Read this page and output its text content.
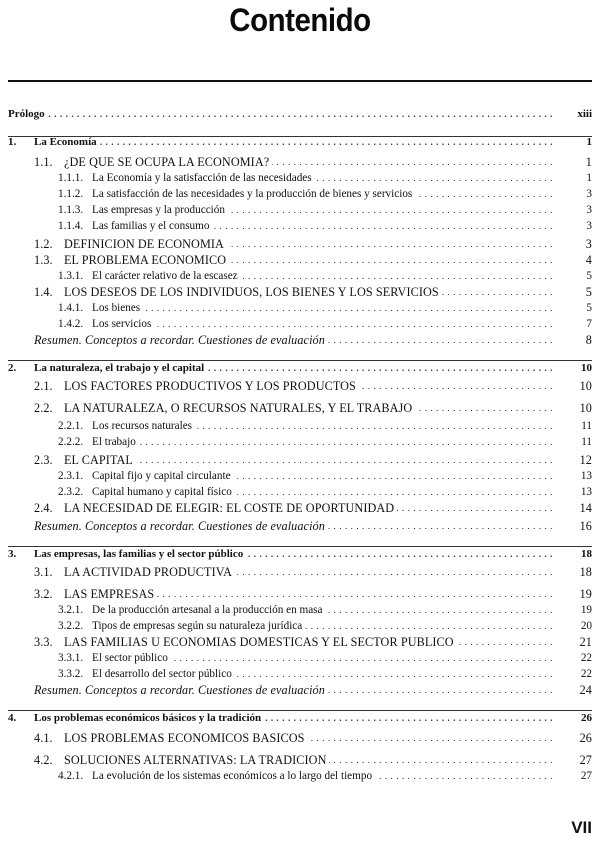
Contenido
Prólogo . . .	xiii
1.	La Economía . . .	1
1.1. ¿DE QUE SE OCUPA LA ECONOMIA? . . .	1
1.1.1. La Economía y la satisfacción de las necesidades . . .	1
1.1.2. La satisfacción de las necesidades y la producción de bienes y servicios . . .	3
1.1.3. Las empresas y la producción . . .	3
1.1.4. Las familias y el consumo . . .	3
1.2. DEFINICION DE ECONOMIA . . .	3
1.3. EL PROBLEMA ECONOMICO . . .	4
1.3.1. El carácter relativo de la escasez . . .	5
1.4. LOS DESEOS DE LOS INDIVIDUOS, LOS BIENES Y LOS SERVICIOS . . .	5
1.4.1. Los bienes . . .	5
1.4.2. Los servicios . . .	7
Resumen. Conceptos a recordar. Cuestiones de evaluación . . .	8
2.	La naturaleza, el trabajo y el capital . . .	10
2.1. LOS FACTORES PRODUCTIVOS Y LOS PRODUCTOS . . .	10
2.2. LA NATURALEZA, O RECURSOS NATURALES, Y EL TRABAJO . . .	10
2.2.1. Los recursos naturales . . .	11
2.2.2. El trabajo . . .	11
2.3. EL CAPITAL . . .	12
2.3.1. Capital fijo y capital circulante . . .	13
2.3.2. Capital humano y capital físico . . .	13
2.4. LA NECESIDAD DE ELEGIR: EL COSTE DE OPORTUNIDAD . . .	14
Resumen. Conceptos a recordar. Cuestiones de evaluación . . .	16
3.	Las empresas, las familias y el sector público . . .	18
3.1. LA ACTIVIDAD PRODUCTIVA . . .	18
3.2. LAS EMPRESAS . . .	19
3.2.1. De la producción artesanal a la producción en masa . . .	19
3.2.2. Tipos de empresas según su naturaleza jurídica . . .	20
3.3. LAS FAMILIAS U ECONOMIAS DOMESTICAS Y EL SECTOR PUBLICO . . .	21
3.3.1. El sector público . . .	22
3.3.2. El desarrollo del sector público . . .	22
Resumen. Conceptos a recordar. Cuestiones de evaluación . . .	24
4.	Los problemas económicos básicos y la tradición . . .	26
4.1. LOS PROBLEMAS ECONOMICOS BASICOS . . .	26
4.2. SOLUCIONES ALTERNATIVAS: LA TRADICION . . .	27
4.2.1. La evolución de los sistemas económicos a lo largo del tiempo . . .	27
VII
